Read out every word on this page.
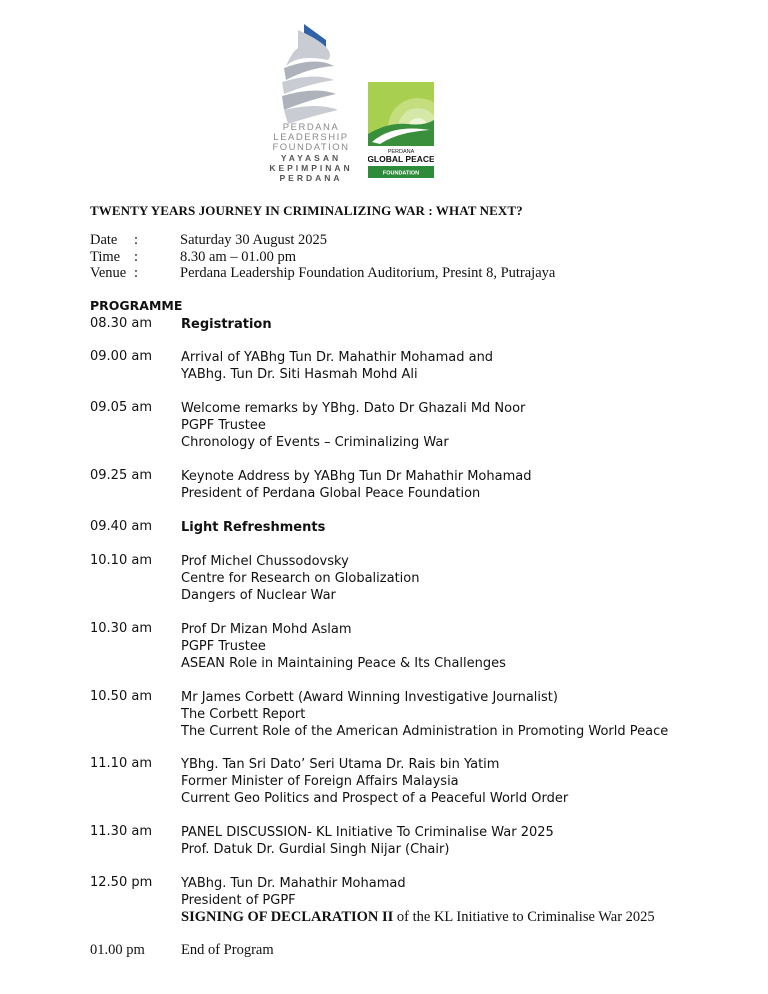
PERDANA
LEADERSHIP
FOUNDATION
YAYASAN
KEPIMPINAN
PERDANA
PERDANA
GLOBAL PEACE
FOUNDATION
TWENTY YEARS JOURNEY IN CRIMINALIZING WAR : WHAT NEXT?
Date :	Saturday 30 August 2025
Time :	8.30 am – 01.00 pm
Venue :	Perdana Leadership Foundation Auditorium, Presint 8, Putrajaya
PROGRAMME
08.30 am Registration
09.00 am Arrival of YABhg Tun Dr. Mahathir Mohamad and
YABhg. Tun Dr. Siti Hasmah Mohd Ali
09.05 am Welcome remarks by YBhg. Dato Dr Ghazali Md Noor
PGPF Trustee
Chronology of Events – Criminalizing War
09.25 am Keynote Address by YABhg Tun Dr Mahathir Mohamad
President of Perdana Global Peace Foundation
09.40 am Light Refreshments
10.10 am Prof Michel Chussodovsky
Centre for Research on Globalization
Dangers of Nuclear War
10.30 am Prof Dr Mizan Mohd Aslam
PGPF Trustee
ASEAN Role in Maintaining Peace & Its Challenges
10.50 am Mr James Corbett (Award Winning Investigative Journalist)
The Corbett Report
The Current Role of the American Administration in Promoting World Peace
11.10 am YBhg. Tan Sri Dato’ Seri Utama Dr. Rais bin Yatim
Former Minister of Foreign Affairs Malaysia
Current Geo Politics and Prospect of a Peaceful World Order
11.30 am PANEL DISCUSSION- KL Initiative To Criminalise War 2025
Prof. Datuk Dr. Gurdial Singh Nijar (Chair)
12.50 pm YABhg. Tun Dr. Mahathir Mohamad
President of PGPF
SIGNING OF DECLARATION II of the KL Initiative to Criminalise War 2025
01.00 pm End of Program
